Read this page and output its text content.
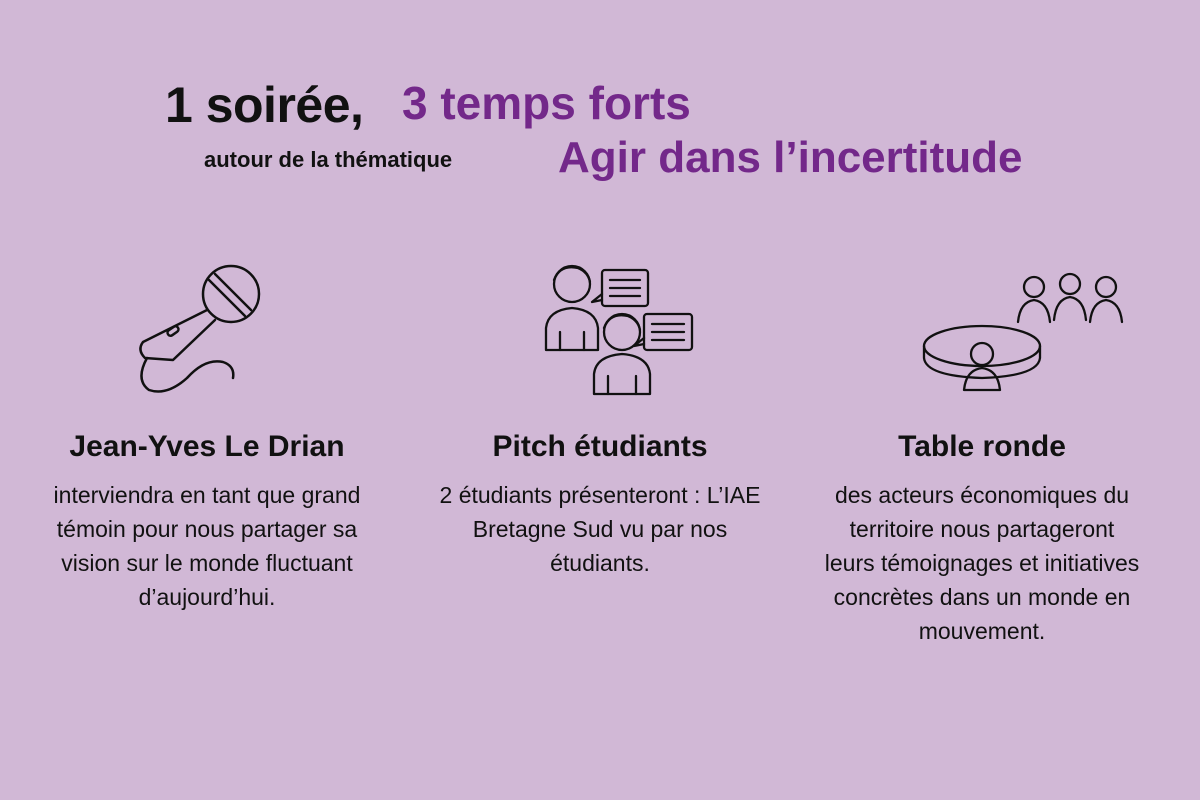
1 soirée, 3 temps forts
autour de la thématique Agir dans l’incertitude
Jean-Yves Le Drian
interviendra en tant que grand témoin pour nous partager sa vision sur le monde fluctuant d’aujourd’hui.
Pitch étudiants
2 étudiants présenteront : L’IAE Bretagne Sud vu par nos étudiants.
Table ronde
des acteurs économiques du territoire nous partageront leurs témoignages et initiatives concrètes dans un monde en mouvement.
